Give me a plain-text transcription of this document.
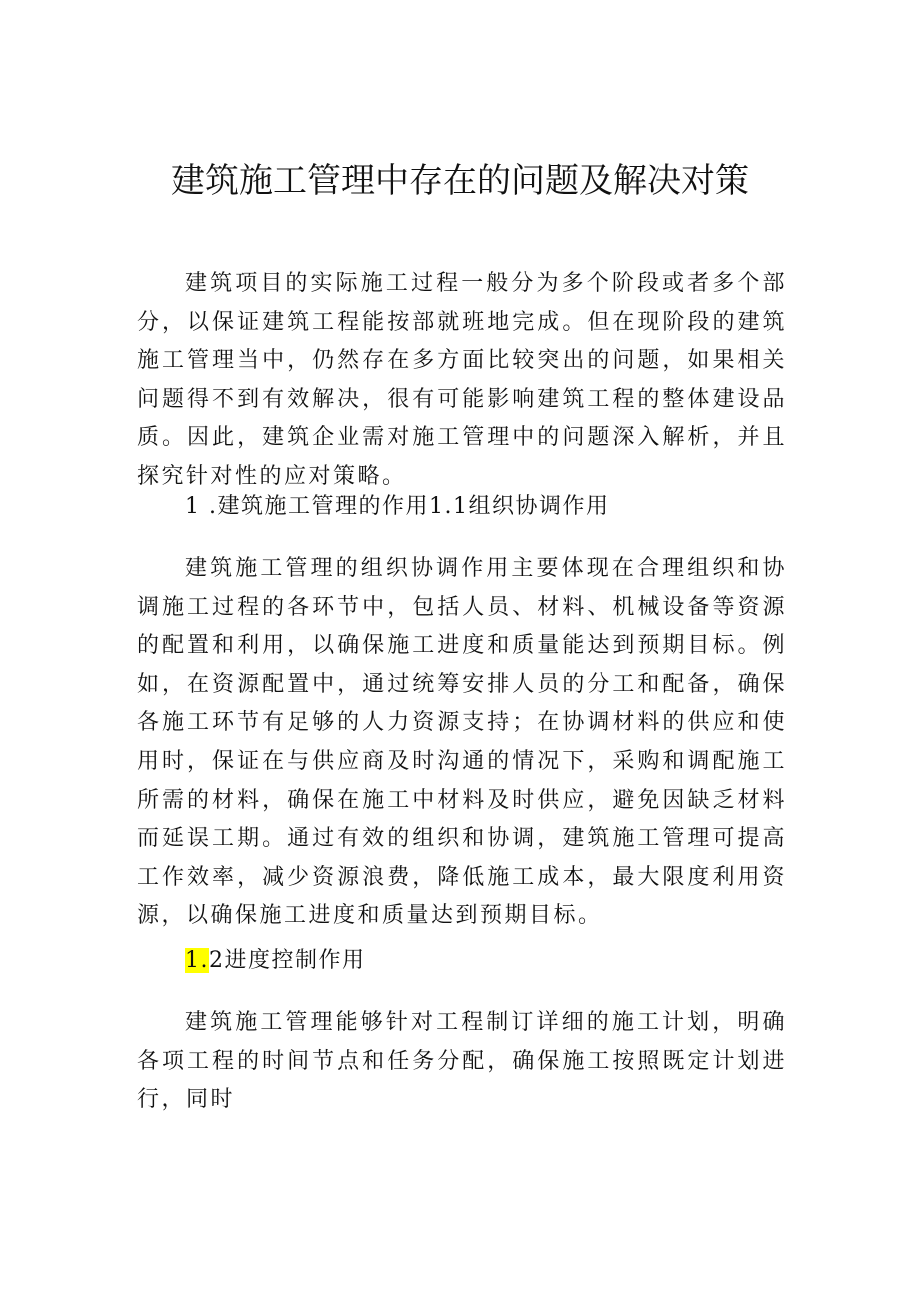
建筑施工管理中存在的问题及解决对策

建筑项目的实际施工过程一般分为多个阶段或者多个部分，以保证建筑工程能按部就班地完成。但在现阶段的建筑施工管理当中，仍然存在多方面比较突出的问题，如果相关问题得不到有效解决，很有可能影响建筑工程的整体建设品质。因此，建筑企业需对施工管理中的问题深入解析，并且探究针对性的应对策略。

1 .建筑施工管理的作用1.1组织协调作用

建筑施工管理的组织协调作用主要体现在合理组织和协调施工过程的各环节中，包括人员、材料、机械设备等资源的配置和利用，以确保施工进度和质量能达到预期目标。例如，在资源配置中，通过统筹安排人员的分工和配备，确保各施工环节有足够的人力资源支持；在协调材料的供应和使用时，保证在与供应商及时沟通的情况下，采购和调配施工所需的材料，确保在施工中材料及时供应，避免因缺乏材料而延误工期。通过有效的组织和协调，建筑施工管理可提高工作效率，减少资源浪费，降低施工成本，最大限度利用资源，以确保施工进度和质量达到预期目标。

1.2进度控制作用

建筑施工管理能够针对工程制订详细的施工计划，明确各项工程的时间节点和任务分配，确保施工按照既定计划进行，同时
